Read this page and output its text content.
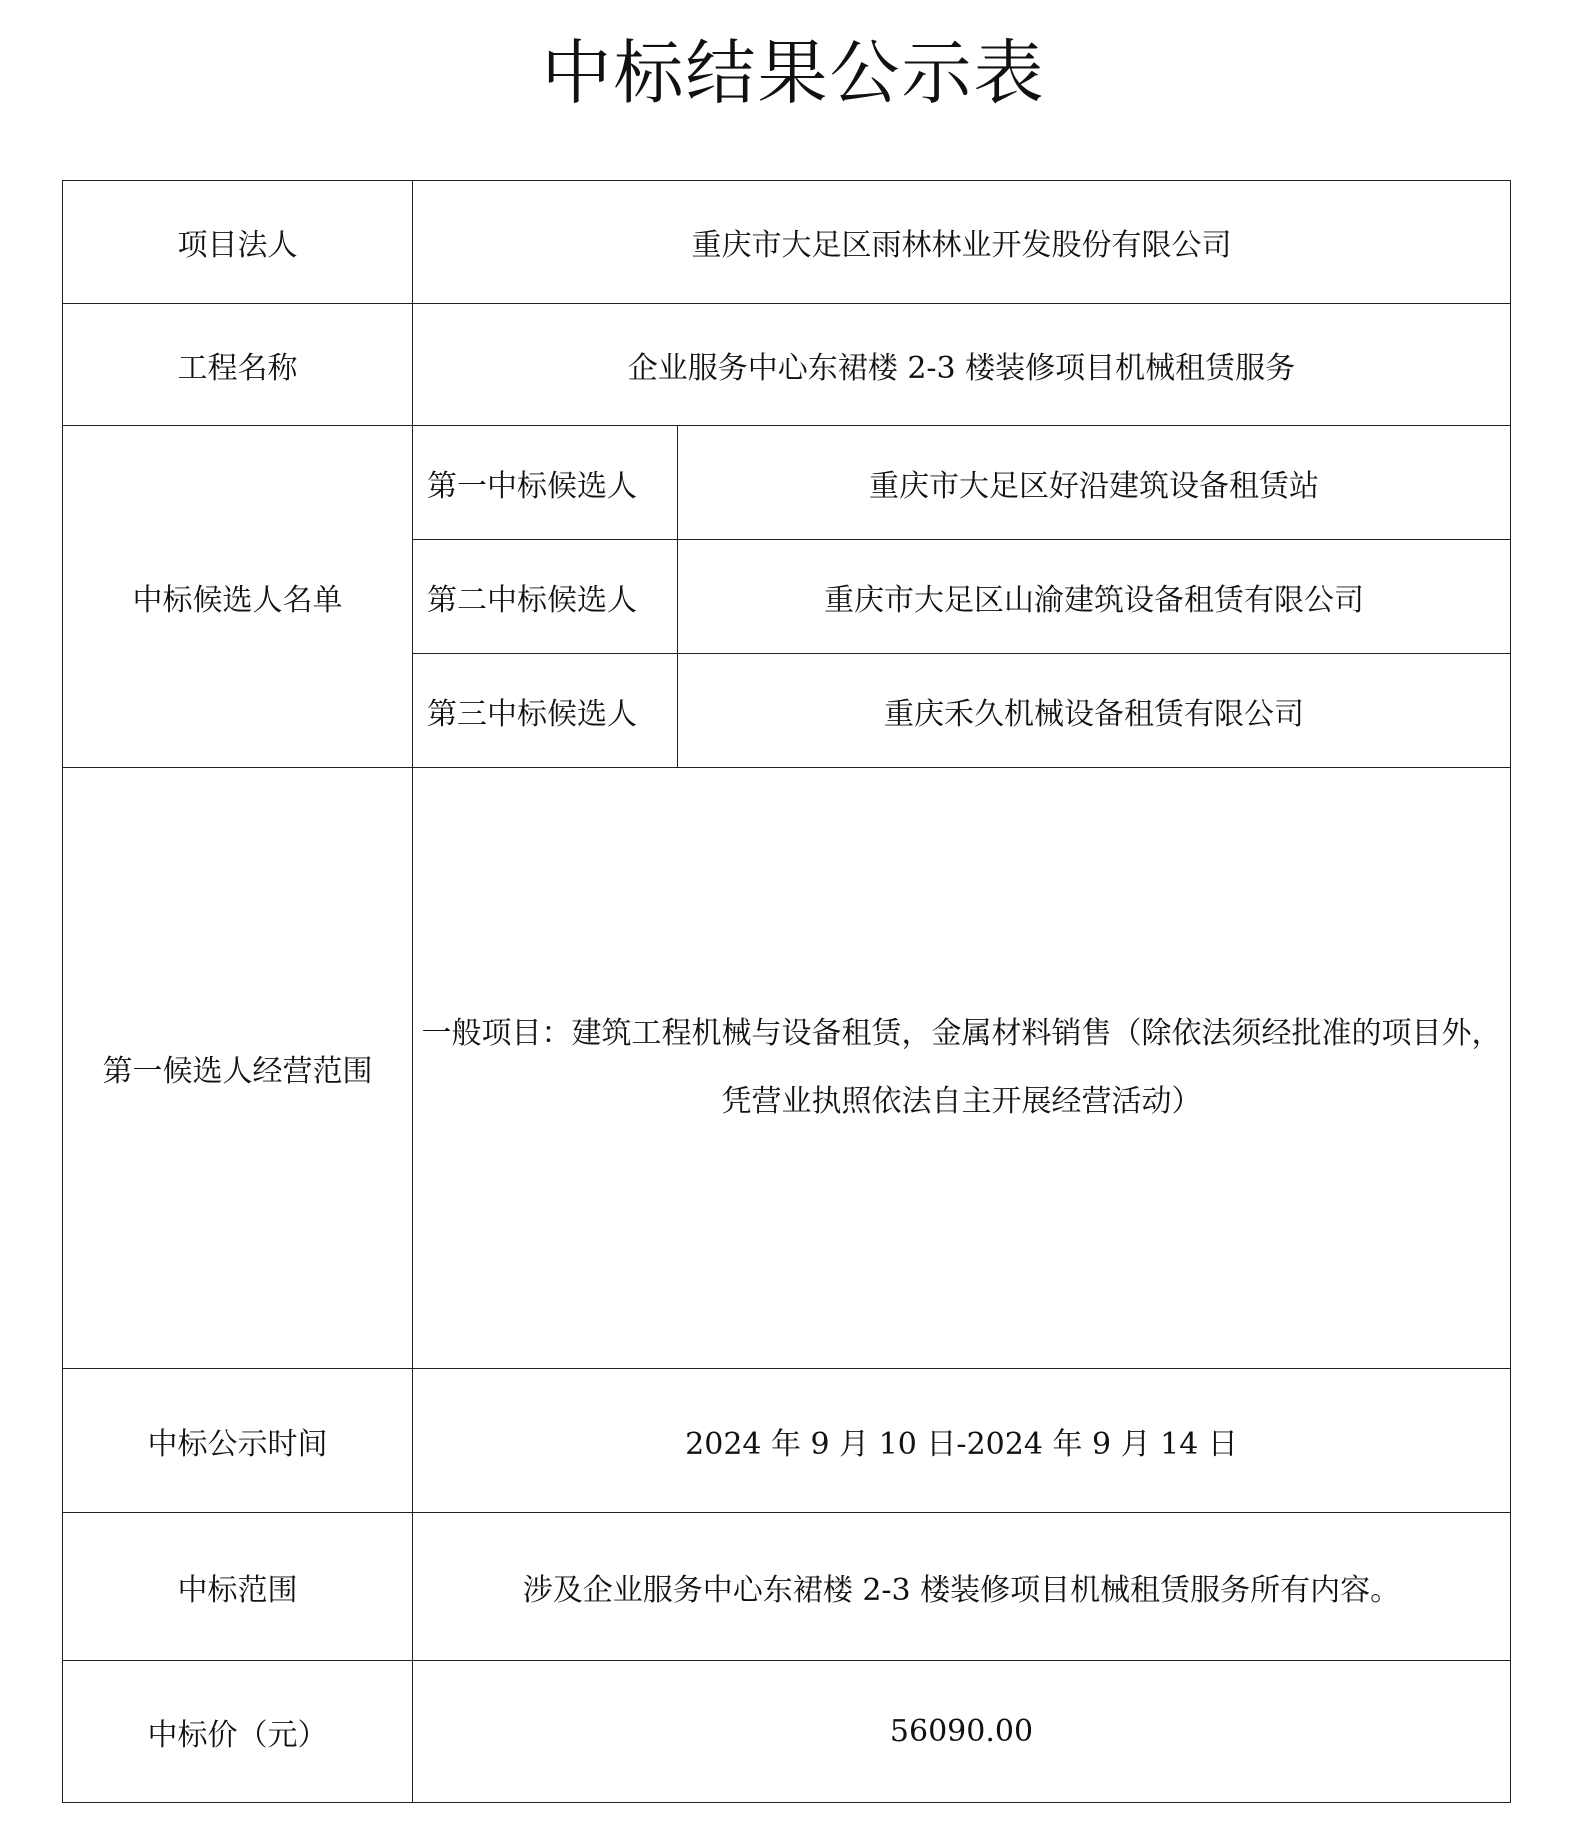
中标结果公示表
项目法人	重庆市大足区雨林林业开发股份有限公司	
工程名称	企业服务中心东裙楼 2-3 楼装修项目机械租赁服务	
中标候选人名单	第一中标候选人	重庆市大足区好沿建筑设备租赁站
	第二中标候选人	重庆市大足区山渝建筑设备租赁有限公司
	第三中标候选人	重庆禾久机械设备租赁有限公司
第一候选人经营范围	一般项目：建筑工程机械与设备租赁，金属材料销售（除依法须经批准的项目外，凭营业执照依法自主开展经营活动）	
中标公示时间	2024 年 9 月 10 日-2024 年 9 月 14 日	
中标范围	涉及企业服务中心东裙楼 2-3 楼装修项目机械租赁服务所有内容。	
中标价（元）	56090.00	
